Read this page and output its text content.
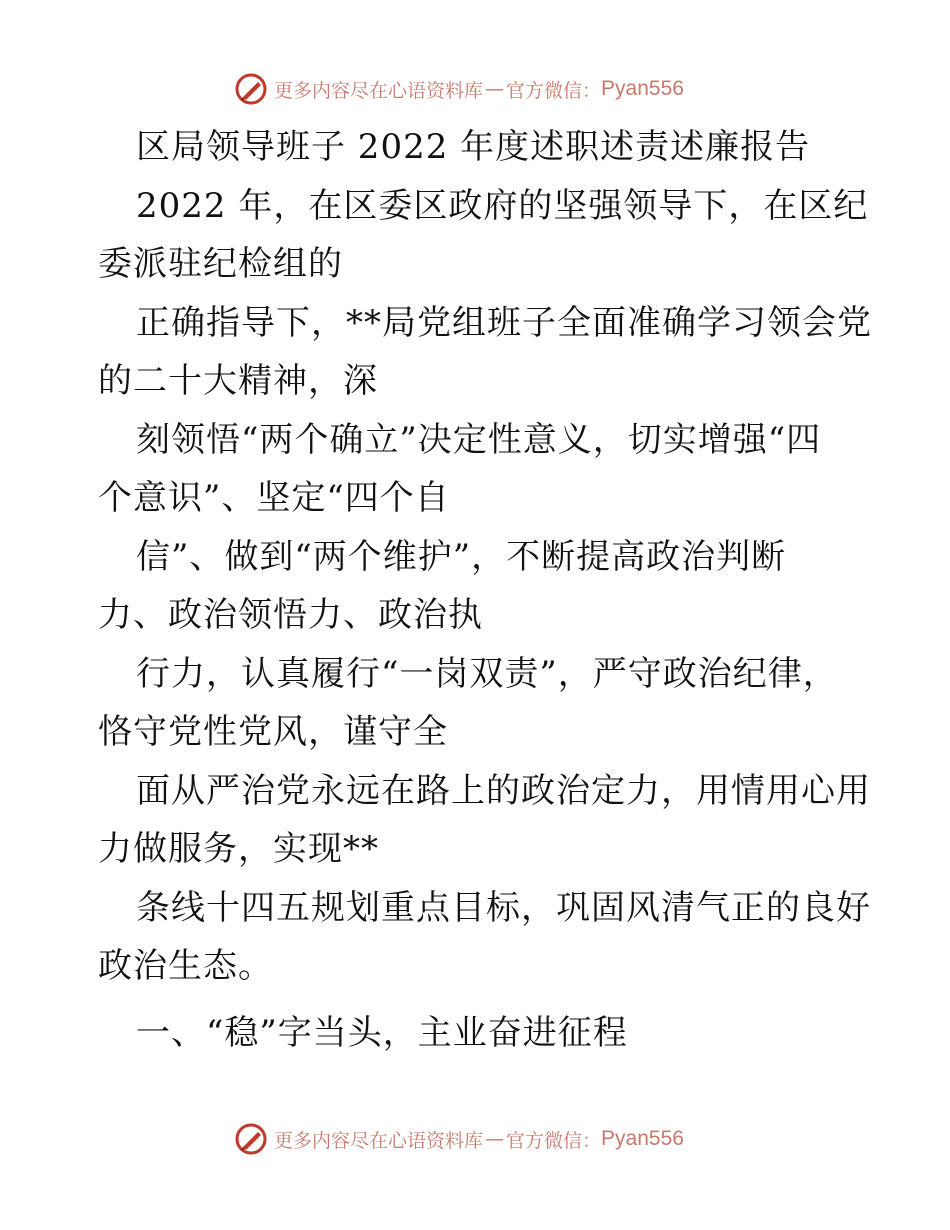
更多内容尽在心语资料库 — 官方微信： Pyan556

区局领导班子 2022 年度述职述责述廉报告

2022 年，在区委区政府的坚强领导下，在区纪

委派驻纪检组的

正确指导下，**局党组班子全面准确学习领会党

的二十大精神，深

刻领悟“两个确立”决定性意义，切实增强“四

个意识”、坚定“四个自

信”、做到“两个维护”，不断提高政治判断

力、政治领悟力、政治执

行力，认真履行“一岗双责”，严守政治纪律，

恪守党性党风，谨守全

面从严治党永远在路上的政治定力，用情用心用

力做服务，实现**

条线十四五规划重点目标，巩固风清气正的良好

政治生态。

一、“稳”字当头，主业奋进征程

更多内容尽在心语资料库 — 官方微信： Pyan556
